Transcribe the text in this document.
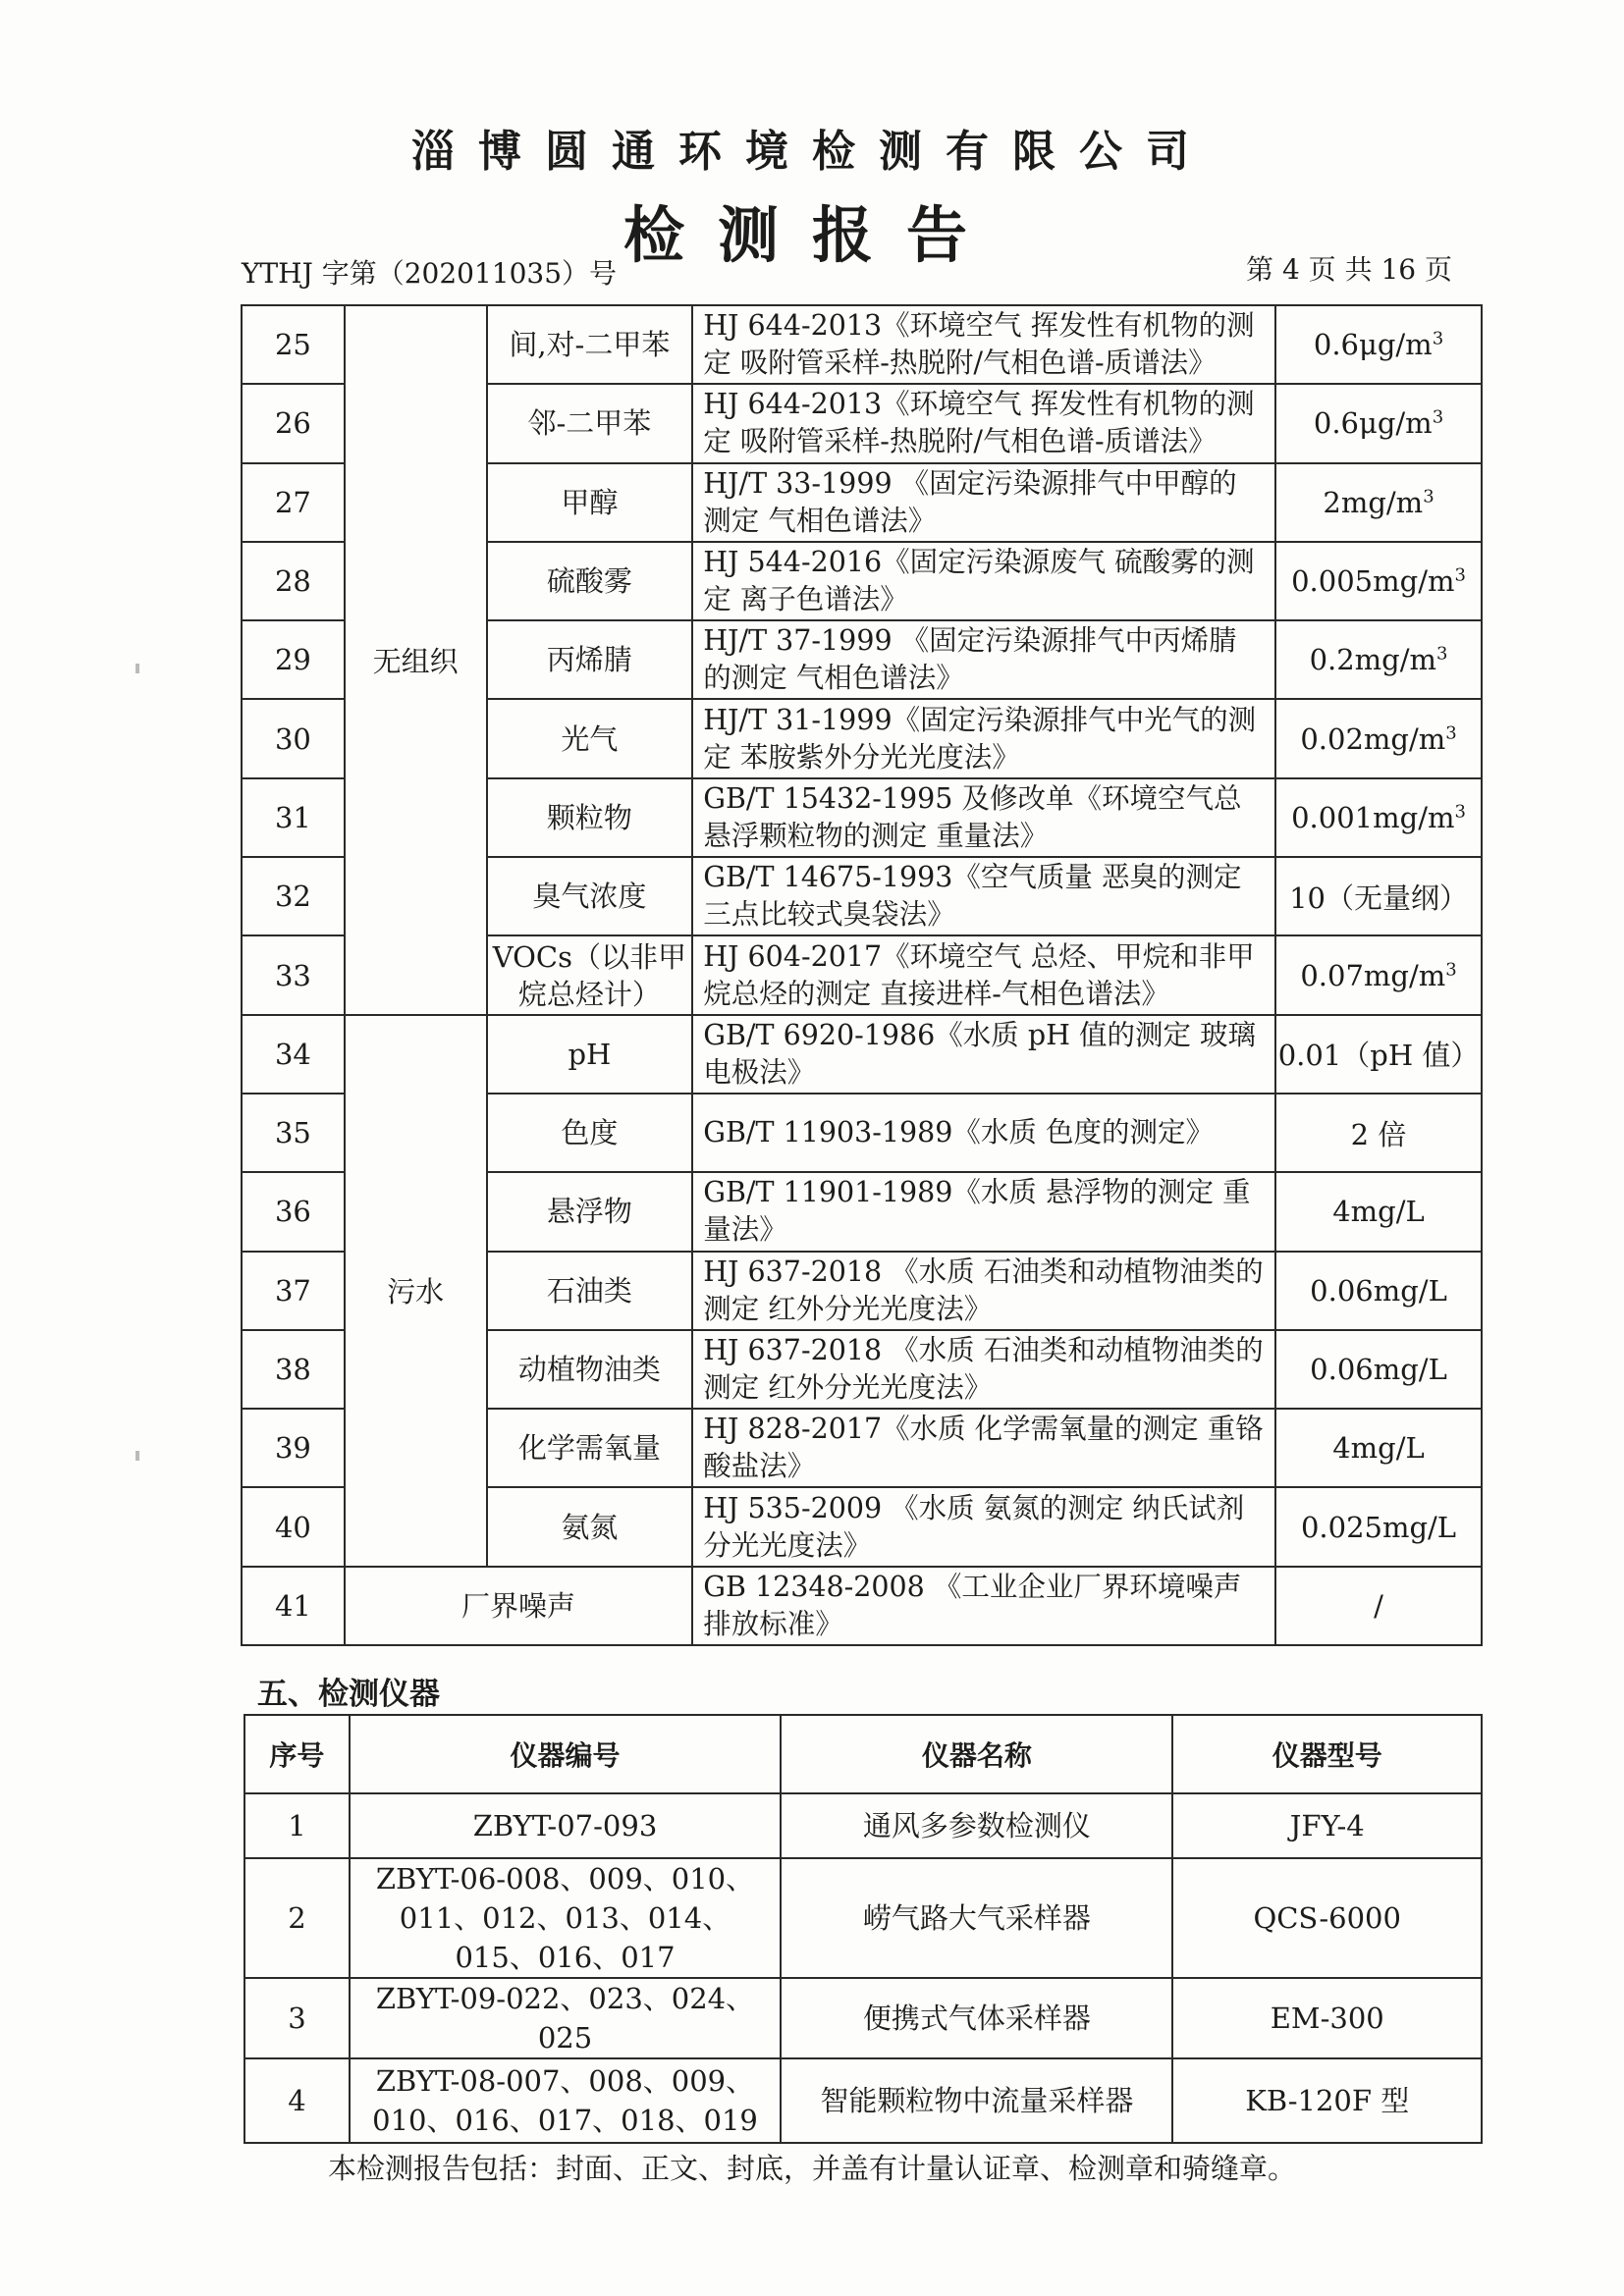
淄博圆通环境检测有限公司
检测报告
YTHJ 字第（202011035）号	第 4 页 共 16 页
25	无组织	间,对-二甲苯	HJ 644-2013《环境空气 挥发性有机物的测定 吸附管采样-热脱附/气相色谱-质谱法》	$0.6\mu g/m^3$
26		邻-二甲苯	HJ 644-2013《环境空气 挥发性有机物的测定 吸附管采样-热脱附/气相色谱-质谱法》	$0.6\mu g/m^3$
27		甲醇	HJ/T 33-1999 《固定污染源排气中甲醇的测定 气相色谱法》	$2mg/m^3$
28		硫酸雾	HJ 544-2016《固定污染源废气 硫酸雾的测定 离子色谱法》	$0.005mg/m^3$
29		丙烯腈	HJ/T 37-1999 《固定污染源排气中丙烯腈的测定 气相色谱法》	$0.2mg/m^3$
30		光气	HJ/T 31-1999《固定污染源排气中光气的测定 苯胺紫外分光光度法》	$0.02mg/m^3$
31		颗粒物	GB/T 15432-1995 及修改单《环境空气总悬浮颗粒物的测定 重量法》	$0.001mg/m^3$
32		臭气浓度	GB/T 14675-1993《空气质量 恶臭的测定 三点比较式臭袋法》	10（无量纲）
33		VOCs（以非甲烷总烃计）	HJ 604-2017《环境空气 总烃、甲烷和非甲烷总烃的测定 直接进样-气相色谱法》	$0.07mg/m^3$
34	污水	pH	GB/T 6920-1986《水质 pH 值的测定 玻璃电极法》	0.01（pH 值）
35		色度	GB/T 11903-1989《水质 色度的测定》	2 倍
36		悬浮物	GB/T 11901-1989《水质 悬浮物的测定 重量法》	4mg/L
37		石油类	HJ 637-2018 《水质 石油类和动植物油类的测定 红外分光光度法》	0.06mg/L
38		动植物油类	HJ 637-2018 《水质 石油类和动植物油类的测定 红外分光光度法》	0.06mg/L
39		化学需氧量	HJ 828-2017《水质 化学需氧量的测定 重铬酸盐法》	4mg/L
40		氨氮	HJ 535-2009 《水质 氨氮的测定 纳氏试剂分光光度法》	0.025mg/L
41	厂界噪声		GB 12348-2008 《工业企业厂界环境噪声排放标准》	/
五、检测仪器
序号	仪器编号	仪器名称	仪器型号
1	ZBYT-07-093	通风多参数检测仪	JFY-4
2	ZBYT-06-008、009、010、011、012、013、014、015、016、017	崂气路大气采样器	QCS-6000
3	ZBYT-09-022、023、024、025	便携式气体采样器	EM-300
4	ZBYT-08-007、008、009、010、016、017、018、019	智能颗粒物中流量采样器	KB-120F 型
本检测报告包括：封面、正文、封底，并盖有计量认证章、检测章和骑缝章。
